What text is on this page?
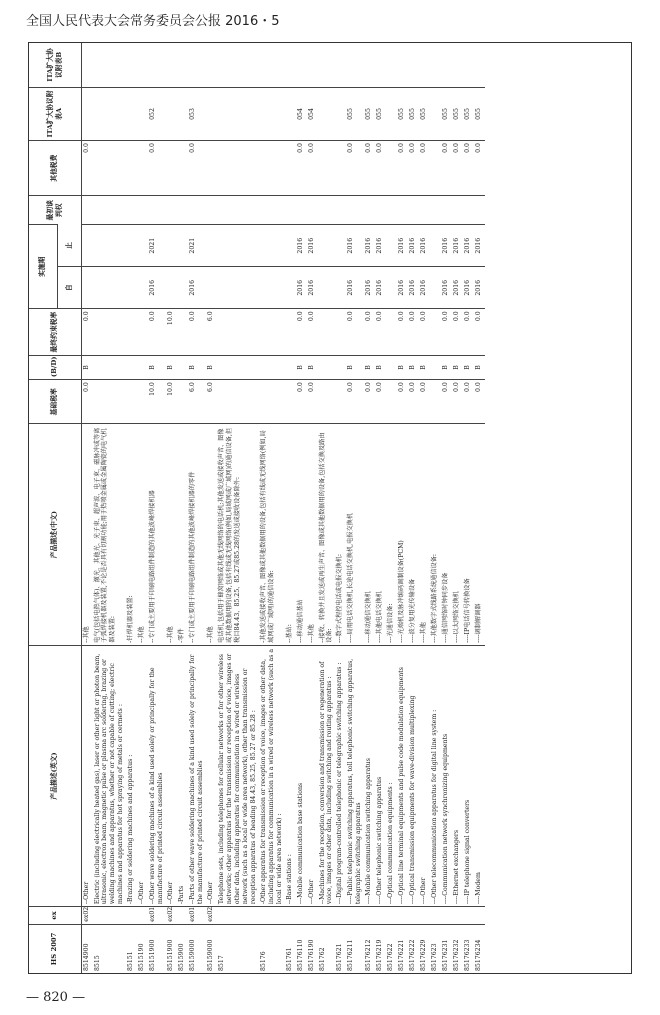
全国人民代表大会常务委员会公报 2016・5
HS 2007	ex	产品描述(英文)	产品描述(中文)	基础税率	(B/D)	最终约束税率	实施期		最初谈判权	其他税费	ITA扩大协议附表A	ITA扩大协议附表B
							自	止				
8514900	ex02	--Other	--其他	0.0	B	0.0				0.0		
8515		Electric (including electrically heated gas), laser or other light or photon beam, ultrasonic, electron beam, magnetic pulse or plasma arc soldering, brazing or welding machines and apparatus, whether or not capable of cutting; electric machines and apparatus for hot spraying of metals or cermets :	电气(包括电热气体)、激光、其他光、光子束、超声波、电子束、磁脉冲或等离子弧焊接机器及装置,不论是否具有切割功能;用于热喷金属或金属陶瓷的电气机器及装置:									
85151		-Brazing or soldering machines and apparatus :	-钎焊机器及装置:									
8515190		--Other	--其他									
85151900	ex01	--Other wave soldering machines of a kind used solely or principally for the manufacture of printed circuit assemblies	--专门或主要用于印刷电路组件制造的其他波峰焊接机器	10.0	B	0.0	2016	2021		0.0	052	
85151900	ex02	--Other	--其他	10.0	B	10.0						
8515900		-Parts	-零件									
85159000	ex01	--Parts of other wave soldering machines of a kind used solely or principally for the manufacture of printed circuit assemblies	--专门或主要用于印刷电路组件制造的其他波峰焊接机器的零件	6.0	B	0.0	2016	2021		0.0	053	
85159000	ex02	--Other	--其他	6.0	B	6.0						
8517		Telephone sets, including telephones for cellular networks or for other wireless networks; other apparatus for the transmission or reception of voice, images or other data, including apparatus for communication in a wired or wireless network (such as a local or wide area network), other than transmission or reception apparatus of heading 84.43, 85.25, 85.27 or 85.28 :	电话机,包括用于蜂窝网络或其他无线网络的电话机;其他发送或接收声音、图像或其他数据用的设备,包括有线或无线网络(例如,局域网或广域网)的通信设备,但税目84.43、85.25、85.27或85.28的发送或接收设备除外:									
85176		-Other apparatus for transmission or reception of voice, images or other data, including apparatus for communication in a wired or wireless network (such as a local or wide area network) :	-其他发送或接收声音、图像或其他数据用的设备,包括有线或无线网络(例如,局域网或广域网)的通信设备:									
851761		--Base stations :	--基站:									
85176110		---Mobile communication base stations	---移动通信基站	0.0	B	0.0	2016	2016		0.0	054	
85176190		---Other	---其他	0.0	B	0.0	2016	2016		0.0	054	
851762		--Machines for the reception, conversion and transmission or regeneration of voice, images or other data, including switching and routing apparatus :	--接收、转换并且发送或再生声音、图像或其他数据用的设备,包括交换及路由设备:									
8517621		---Digital program-controlled telephonic or telegraphic switching apparatus :	---数字式程控电话或电报交换机:									
85176211		----Public telephonic switching apparatus, toll telephonic switching apparatus, telegraphic switching apparatus	----局用电话交换机,长途电话交换机,电报交换机	0.0	B	0.0	2016	2016		0.0	055	
85176212		----Mobile communication switching apparatus	----移动通信交换机	0.0	B	0.0	2016	2016		0.0	055	
85176219		----Other telephonic switching apparatus	----其他电话交换机	0.0	B	0.0	2016	2016		0.0	055	
8517622		---Optical communication equipments :	---光通信设备:									
85176221		----Optical line terminal equipments and pulse code modulation equipments	----光端机及脉冲编码调制设备(PCM)	0.0	B	0.0	2016	2016		0.0	055	
85176222		----Optical transmission equipments for wave-division multiplexing	----波分复用光传输设备	0.0	B	0.0	2016	2016		0.0	055	
85176229		----Other	----其他	0.0	B	0.0	2016	2016		0.0	055	
8517623		---Other telecommunication apparatus for digital line system :	---其他数字式线路系统通信设备:									
85176231		----Communication network synchronizing equipments	----通信网络时钟同步设备	0.0	B	0.0	2016	2016		0.0	055	
85176232		----Ethernet exchangers	----以太网络交换机	0.0	B	0.0	2016	2016		0.0	055	
85176233		----IP telephone signal converters	----IP电话信号转换设备	0.0	B	0.0	2016	2016		0.0	055	
85176234		----Modem	----调制解调器	0.0	B	0.0	2016	2016		0.0	055	
— 820 —
